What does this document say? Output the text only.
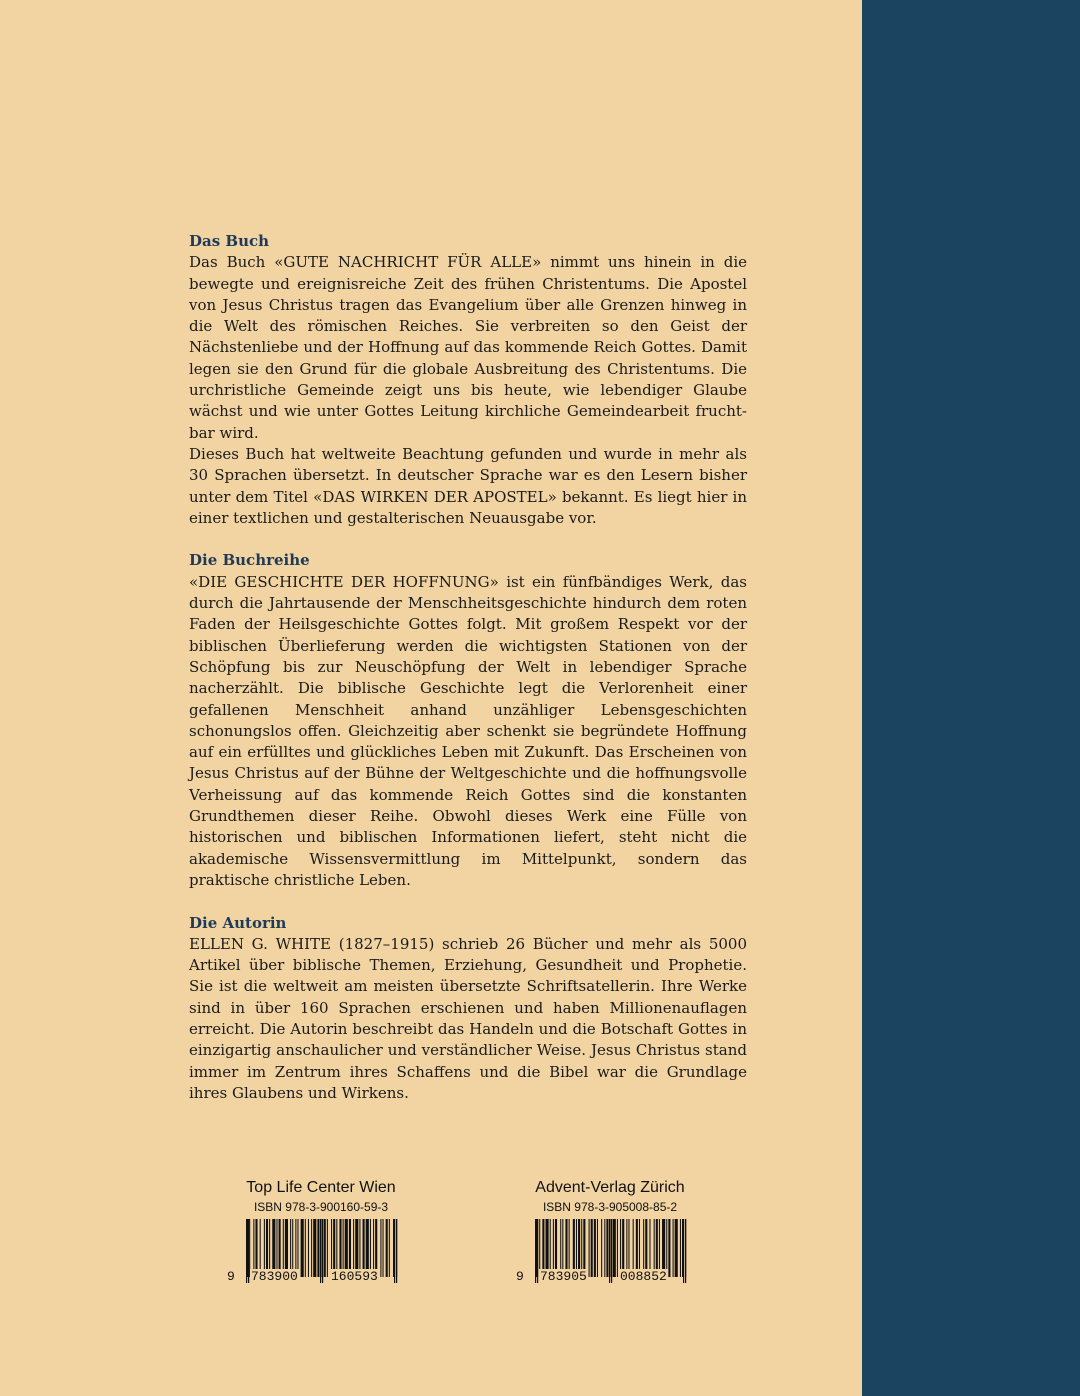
Das Buch

Das Buch «GUTE NACHRICHT FÜR ALLE» nimmt uns hinein in die bewegte und ereignisreiche Zeit des frühen Christentums. Die Apostel von Jesus Christus tragen das Evangelium über alle Grenzen hinweg in die Welt des römischen Reiches. Sie verbreiten so den Geist der Nächstenliebe und der Hoffnung auf das kommende Reich Gottes. Damit legen sie den Grund für die globale Ausbreitung des Christentums. Die urchristliche Gemeinde zeigt uns bis heute, wie lebendiger Glaube wächst und wie unter Gottes Leitung kirchliche Gemeindearbeit fruchtbar wird.

Dieses Buch hat weltweite Beachtung gefunden und wurde in mehr als 30 Sprachen übersetzt. In deutscher Sprache war es den Lesern bisher unter dem Titel «DAS WIRKEN DER APOSTEL» bekannt. Es liegt hier in einer textlichen und gestalterischen Neuausgabe vor.

Die Buchreihe

«DIE GESCHICHTE DER HOFFNUNG» ist ein fünfbändiges Werk, das durch die Jahrtausende der Menschheitsgeschichte hindurch dem roten Faden der Heilsgeschichte Gottes folgt. Mit großem Respekt vor der biblischen Überlieferung werden die wichtigsten Stationen von der Schöpfung bis zur Neuschöpfung der Welt in lebendiger Sprache nacherzählt. Die biblische Geschichte legt die Verlorenheit einer gefallenen Menschheit anhand unzähliger Lebensgeschichten schonungslos offen. Gleichzeitig aber schenkt sie begründete Hoffnung auf ein erfülltes und glückliches Leben mit Zukunft. Das Erscheinen von Jesus Christus auf der Bühne der Weltgeschichte und die hoffnungsvolle Verheissung auf das kommende Reich Gottes sind die konstanten Grundthemen dieser Reihe. Obwohl dieses Werk eine Fülle von historischen und biblischen Informationen liefert, steht nicht die akademische Wissensvermittlung im Mittelpunkt, sondern das praktische christliche Leben.

Die Autorin

ELLEN G. WHITE (1827–1915) schrieb 26 Bücher und mehr als 5000 Artikel über biblische Themen, Erziehung, Gesundheit und Prophetie. Sie ist die weltweit am meisten übersetzte Schriftsatellerin. Ihre Werke sind in über 160 Sprachen erschienen und haben Millionenauflagen erreicht. Die Autorin beschreibt das Handeln und die Botschaft Gottes in einzigartig anschaulicher und verständlicher Weise. Jesus Christus stand immer im Zentrum ihres Schaffens und die Bibel war die Grundlage ihres Glaubens und Wirkens.

Top Life Center Wien
ISBN 978-3-900160-59-3
9 783900	160593
Advent-Verlag Zürich
ISBN 978-3-905008-85-2
9 783905	008852
